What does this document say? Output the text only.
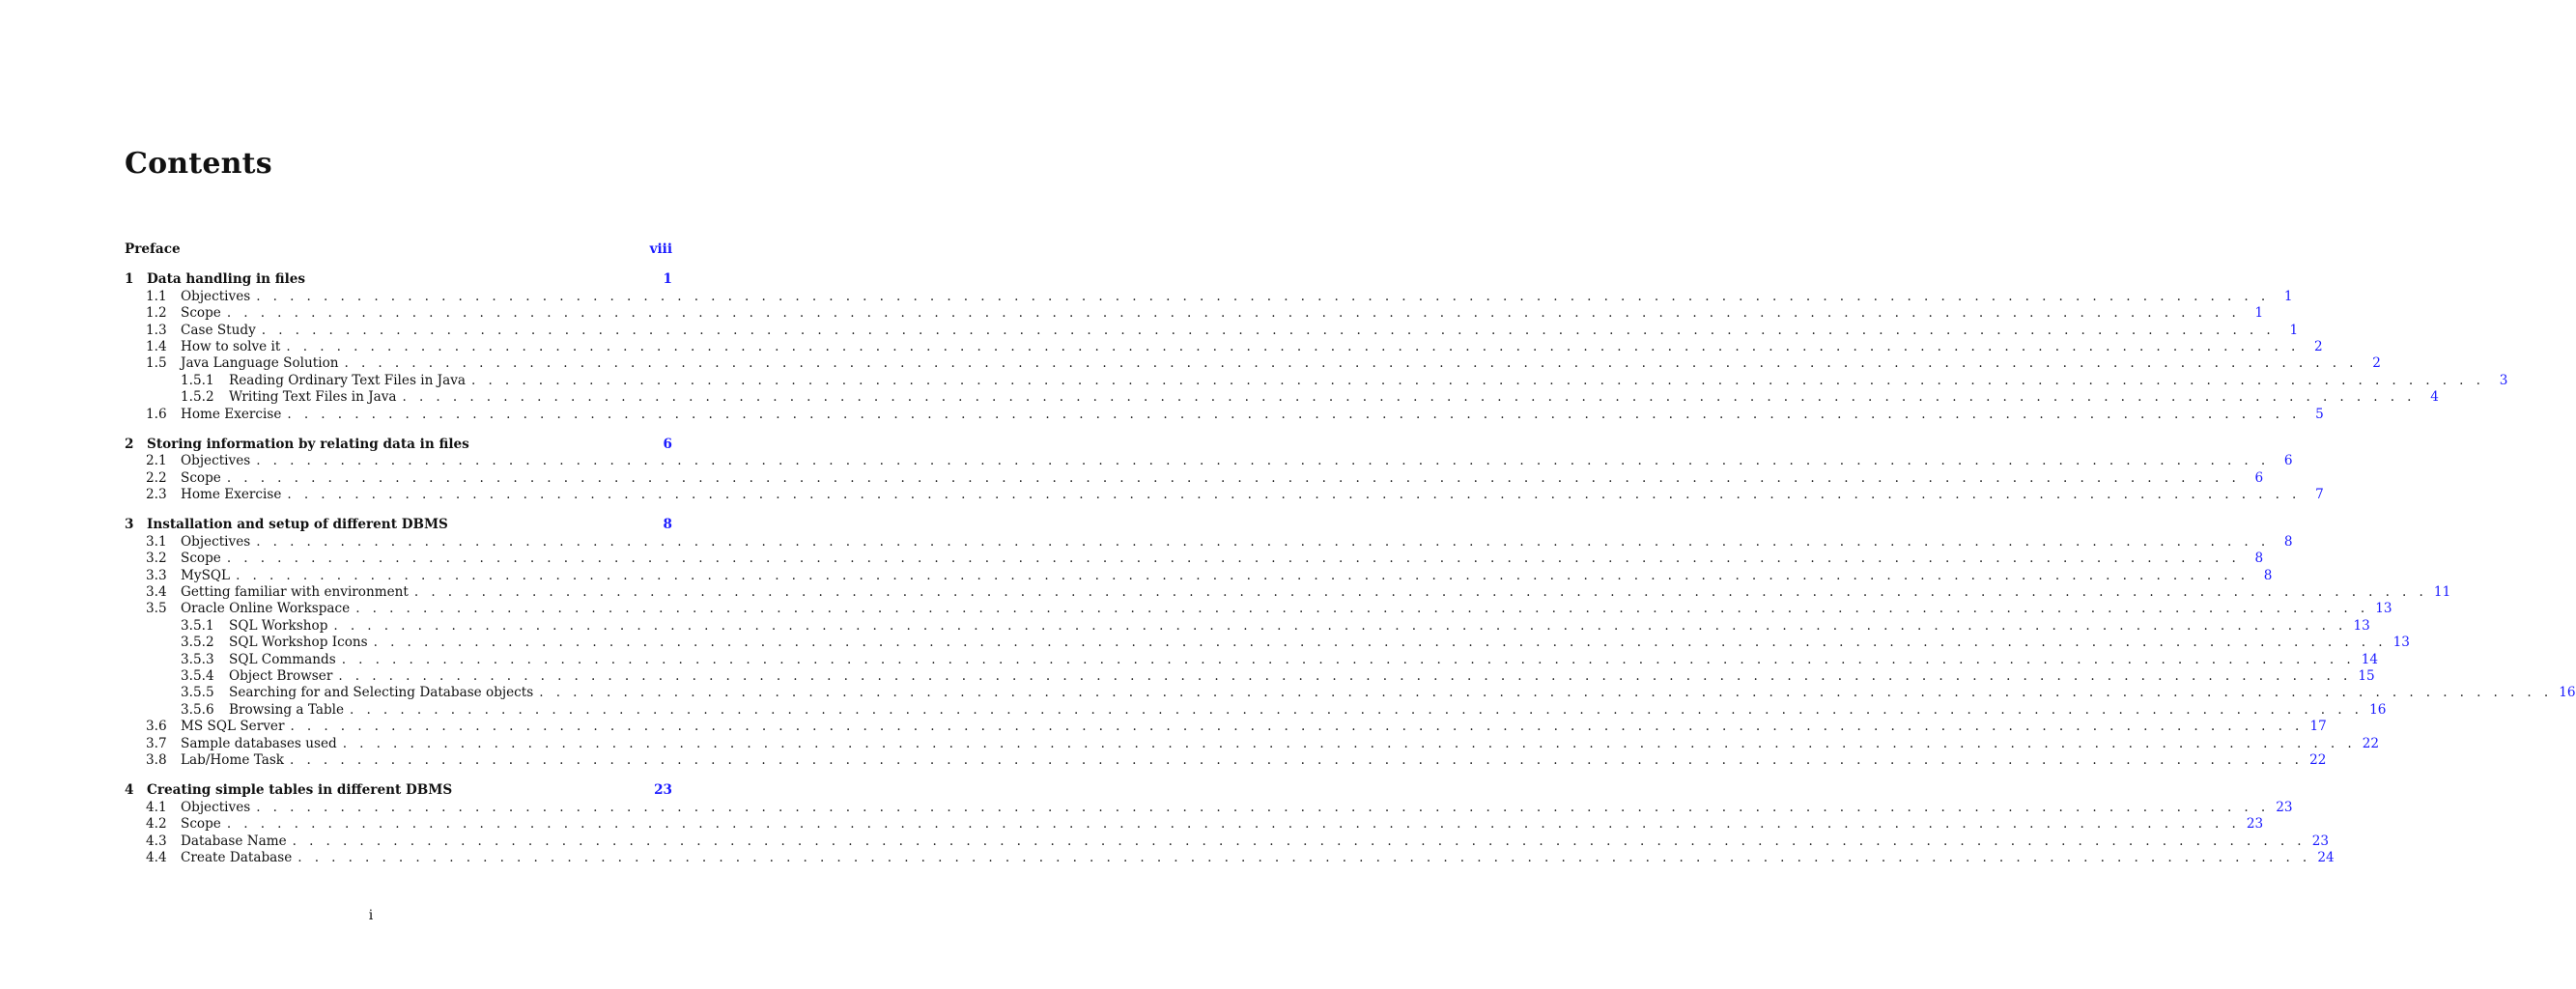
Contents
Preface	viii
1 Data handling in files	1
1.1	Objectives . . . . . . . . . . . . . . . . . . . . . . . . . . . . . . . . . . . . . . . . . . . . . . . . . . . . . . . . . . . . . . . . . . . . . . . . . . . . . . . . . . . . . . . . . . . . . . . . . . . . . . . . . . . . . . . . . . . . . . . .	1
1.2	Scope . . . . . . . . . . . . . . . . . . . . . . . . . . . . . . . . . . . . . . . . . . . . . . . . . . . . . . . . . . . . . . . . . . . . . . . . . . . . . . . . . . . . . . . . . . . . . . . . . . . . . . . . . . . . . . . . . . . . . . . .	1
1.3	Case Study . . . . . . . . . . . . . . . . . . . . . . . . . . . . . . . . . . . . . . . . . . . . . . . . . . . . . . . . . . . . . . . . . . . . . . . . . . . . . . . . . . . . . . . . . . . . . . . . . . . . . . . . . . . . . . . . . . . . . . . .	1
1.4	How to solve it . . . . . . . . . . . . . . . . . . . . . . . . . . . . . . . . . . . . . . . . . . . . . . . . . . . . . . . . . . . . . . . . . . . . . . . . . . . . . . . . . . . . . . . . . . . . . . . . . . . . . . . . . . . . . . . . . . . . . . . .	2
1.5	Java Language Solution . . . . . . . . . . . . . . . . . . . . . . . . . . . . . . . . . . . . . . . . . . . . . . . . . . . . . . . . . . . . . . . . . . . . . . . . . . . . . . . . . . . . . . . . . . . . . . . . . . . . . . . . . . . . . . . . . . . . . . . .	2
1.5.1	Reading Ordinary Text Files in Java . . . . . . . . . . . . . . . . . . . . . . . . . . . . . . . . . . . . . . . . . . . . . . . . . . . . . . . . . . . . . . . . . . . . . . . . . . . . . . . . . . . . . . . . . . . . . . . . . . . . . . . . . . . . . . . . . . . . . . . .	3
1.5.2	Writing Text Files in Java . . . . . . . . . . . . . . . . . . . . . . . . . . . . . . . . . . . . . . . . . . . . . . . . . . . . . . . . . . . . . . . . . . . . . . . . . . . . . . . . . . . . . . . . . . . . . . . . . . . . . . . . . . . . . . . . . . . . . . . .	4
1.6	Home Exercise . . . . . . . . . . . . . . . . . . . . . . . . . . . . . . . . . . . . . . . . . . . . . . . . . . . . . . . . . . . . . . . . . . . . . . . . . . . . . . . . . . . . . . . . . . . . . . . . . . . . . . . . . . . . . . . . . . . . . . . .	5
2 Storing information by relating data in files	6
2.1	Objectives . . . . . . . . . . . . . . . . . . . . . . . . . . . . . . . . . . . . . . . . . . . . . . . . . . . . . . . . . . . . . . . . . . . . . . . . . . . . . . . . . . . . . . . . . . . . . . . . . . . . . . . . . . . . . . . . . . . . . . . .	6
2.2	Scope . . . . . . . . . . . . . . . . . . . . . . . . . . . . . . . . . . . . . . . . . . . . . . . . . . . . . . . . . . . . . . . . . . . . . . . . . . . . . . . . . . . . . . . . . . . . . . . . . . . . . . . . . . . . . . . . . . . . . . . .	6
2.3	Home Exercise . . . . . . . . . . . . . . . . . . . . . . . . . . . . . . . . . . . . . . . . . . . . . . . . . . . . . . . . . . . . . . . . . . . . . . . . . . . . . . . . . . . . . . . . . . . . . . . . . . . . . . . . . . . . . . . . . . . . . . . .	7
3 Installation and setup of different DBMS	8
3.1	Objectives . . . . . . . . . . . . . . . . . . . . . . . . . . . . . . . . . . . . . . . . . . . . . . . . . . . . . . . . . . . . . . . . . . . . . . . . . . . . . . . . . . . . . . . . . . . . . . . . . . . . . . . . . . . . . . . . . . . . . . . .	8
3.2	Scope . . . . . . . . . . . . . . . . . . . . . . . . . . . . . . . . . . . . . . . . . . . . . . . . . . . . . . . . . . . . . . . . . . . . . . . . . . . . . . . . . . . . . . . . . . . . . . . . . . . . . . . . . . . . . . . . . . . . . . . .	8
3.3	MySQL . . . . . . . . . . . . . . . . . . . . . . . . . . . . . . . . . . . . . . . . . . . . . . . . . . . . . . . . . . . . . . . . . . . . . . . . . . . . . . . . . . . . . . . . . . . . . . . . . . . . . . . . . . . . . . . . . . . . . . . .	8
3.4	Getting familiar with environment . . . . . . . . . . . . . . . . . . . . . . . . . . . . . . . . . . . . . . . . . . . . . . . . . . . . . . . . . . . . . . . . . . . . . . . . . . . . . . . . . . . . . . . . . . . . . . . . . . . . . . . . . . . . . . . . . . . . . . . . 11
3.5	Oracle Online Workspace . . . . . . . . . . . . . . . . . . . . . . . . . . . . . . . . . . . . . . . . . . . . . . . . . . . . . . . . . . . . . . . . . . . . . . . . . . . . . . . . . . . . . . . . . . . . . . . . . . . . . . . . . . . . . . . . . . . . . . . . 13
3.5.1	SQL Workshop . . . . . . . . . . . . . . . . . . . . . . . . . . . . . . . . . . . . . . . . . . . . . . . . . . . . . . . . . . . . . . . . . . . . . . . . . . . . . . . . . . . . . . . . . . . . . . . . . . . . . . . . . . . . . . . . . . . . . . . . 13
3.5.2	SQL Workshop Icons . . . . . . . . . . . . . . . . . . . . . . . . . . . . . . . . . . . . . . . . . . . . . . . . . . . . . . . . . . . . . . . . . . . . . . . . . . . . . . . . . . . . . . . . . . . . . . . . . . . . . . . . . . . . . . . . . . . . . . . . 13
3.5.3	SQL Commands . . . . . . . . . . . . . . . . . . . . . . . . . . . . . . . . . . . . . . . . . . . . . . . . . . . . . . . . . . . . . . . . . . . . . . . . . . . . . . . . . . . . . . . . . . . . . . . . . . . . . . . . . . . . . . . . . . . . . . . . 14
3.5.4	Object Browser . . . . . . . . . . . . . . . . . . . . . . . . . . . . . . . . . . . . . . . . . . . . . . . . . . . . . . . . . . . . . . . . . . . . . . . . . . . . . . . . . . . . . . . . . . . . . . . . . . . . . . . . . . . . . . . . . . . . . . . . 15
3.5.5	Searching for and Selecting Database objects . . . . . . . . . . . . . . . . . . . . . . . . . . . . . . . . . . . . . . . . . . . . . . . . . . . . . . . . . . . . . . . . . . . . . . . . . . . . . . . . . . . . . . . . . . . . . . . . . . . . . . . . . . . . . . . . . . . . . . . . 16
3.5.6	Browsing a Table . . . . . . . . . . . . . . . . . . . . . . . . . . . . . . . . . . . . . . . . . . . . . . . . . . . . . . . . . . . . . . . . . . . . . . . . . . . . . . . . . . . . . . . . . . . . . . . . . . . . . . . . . . . . . . . . . . . . . . . . 16
3.6	MS SQL Server . . . . . . . . . . . . . . . . . . . . . . . . . . . . . . . . . . . . . . . . . . . . . . . . . . . . . . . . . . . . . . . . . . . . . . . . . . . . . . . . . . . . . . . . . . . . . . . . . . . . . . . . . . . . . . . . . . . . . . . . 17
3.7	Sample databases used . . . . . . . . . . . . . . . . . . . . . . . . . . . . . . . . . . . . . . . . . . . . . . . . . . . . . . . . . . . . . . . . . . . . . . . . . . . . . . . . . . . . . . . . . . . . . . . . . . . . . . . . . . . . . . . . . . . . . . . . 22
3.8	Lab/Home Task . . . . . . . . . . . . . . . . . . . . . . . . . . . . . . . . . . . . . . . . . . . . . . . . . . . . . . . . . . . . . . . . . . . . . . . . . . . . . . . . . . . . . . . . . . . . . . . . . . . . . . . . . . . . . . . . . . . . . . . . 22
4 Creating simple tables in different DBMS	23
4.1	Objectives . . . . . . . . . . . . . . . . . . . . . . . . . . . . . . . . . . . . . . . . . . . . . . . . . . . . . . . . . . . . . . . . . . . . . . . . . . . . . . . . . . . . . . . . . . . . . . . . . . . . . . . . . . . . . . . . . . . . . . . . 23
4.2	Scope . . . . . . . . . . . . . . . . . . . . . . . . . . . . . . . . . . . . . . . . . . . . . . . . . . . . . . . . . . . . . . . . . . . . . . . . . . . . . . . . . . . . . . . . . . . . . . . . . . . . . . . . . . . . . . . . . . . . . . . . 23
4.3	Database Name . . . . . . . . . . . . . . . . . . . . . . . . . . . . . . . . . . . . . . . . . . . . . . . . . . . . . . . . . . . . . . . . . . . . . . . . . . . . . . . . . . . . . . . . . . . . . . . . . . . . . . . . . . . . . . . . . . . . . . . . 23
4.4	Create Database . . . . . . . . . . . . . . . . . . . . . . . . . . . . . . . . . . . . . . . . . . . . . . . . . . . . . . . . . . . . . . . . . . . . . . . . . . . . . . . . . . . . . . . . . . . . . . . . . . . . . . . . . . . . . . . . . . . . . . . . 24
i
